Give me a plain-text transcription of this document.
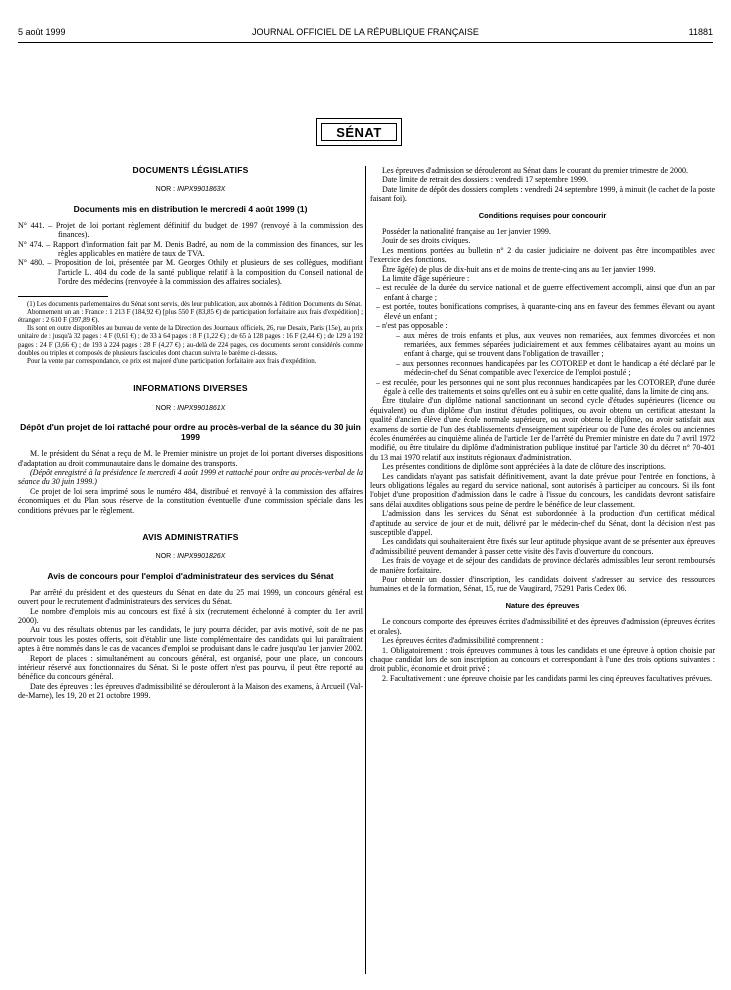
5 août 1999	JOURNAL OFFICIEL DE LA RÉPUBLIQUE FRANÇAISE	11881
SÉNAT
DOCUMENTS LÉGISLATIFS
NOR : INPX9901863X
Documents mis en distribution le mercredi 4 août 1999 (1)

N° 441. – Projet de loi portant règlement définitif du budget de 1997 (renvoyé à la commission des finances).

N° 474. – Rapport d'information fait par M. Denis Badré, au nom de la commission des finances, sur les règles applicables en matière de taux de TVA.

N° 480. – Proposition de loi, présentée par M. Georges Othily et plusieurs de ses collègues, modifiant l'article L. 404 du code de la santé publique relatif à la composition du Conseil national de l'ordre des médecins (renvoyée à la commission des affaires sociales).

(1) Les documents parlementaires du Sénat sont servis, dès leur publication, aux abonnés à l'édition Documents du Sénat.

Abonnement un an : France : 1 213 F (184,92 €) [plus 550 F (83,85 €) de participation forfaitaire aux frais d'expédition] ; étranger : 2 610 F (397,89 €).

Ils sont en outre disponibles au bureau de vente de la Direction des Journaux officiels, 26, rue Desaix, Paris (15e), au prix unitaire de : jusqu'à 32 pages : 4 F (0,61 €) ; de 33 à 64 pages : 8 F (1,22 €) ; de 65 à 128 pages : 16 F (2,44 €) ; de 129 à 192 pages : 24 F (3,66 €) ; de 193 à 224 pages : 28 F (4,27 €) ; au-delà de 224 pages, ces documents seront considérés comme doubles ou triples et composés de plusieurs fascicules dont chacun suivra le barème ci-dessus.

Pour la vente par correspondance, ce prix est majoré d'une participation forfaitaire aux frais d'expédition.

INFORMATIONS DIVERSES
NOR : INPX9901861X
Dépôt d'un projet de loi rattaché pour ordre au procès-verbal de la séance du 30 juin 1999

M. le président du Sénat a reçu de M. le Premier ministre un projet de loi portant diverses dispositions d'adaptation au droit communautaire dans le domaine des transports.

(Dépôt enregistré à la présidence le mercredi 4 août 1999 et rattaché pour ordre au procès-verbal de la séance du 30 juin 1999.)

Ce projet de loi sera imprimé sous le numéro 484, distribué et renvoyé à la commission des affaires économiques et du Plan sous réserve de la constitution éventuelle d'une commission spéciale dans les conditions prévues par le règlement.

AVIS ADMINISTRATIFS
NOR : INPX9901826X
Avis de concours pour l'emploi d'administrateur des services du Sénat

Par arrêté du président et des questeurs du Sénat en date du 25 mai 1999, un concours général est ouvert pour le recrutement d'administrateurs des services du Sénat.

Le nombre d'emplois mis au concours est fixé à six (recrutement échelonné à compter du 1er avril 2000).

Au vu des résultats obtenus par les candidats, le jury pourra décider, par avis motivé, soit de ne pas pourvoir tous les postes offerts, soit d'établir une liste complémentaire des candidats qui lui paraîtraient aptes à être nommés dans le cas de vacances d'emploi se produisant dans le cadre jusqu'au 1er janvier 2002.

Report de places : simultanément au concours général, est organisé, pour une place, un concours intérieur réservé aux fonctionnaires du Sénat. Si le poste offert n'est pas pourvu, il peut être reporté au bénéfice du concours général.

Date des épreuves : les épreuves d'admissibilité se dérouleront à la Maison des examens, à Arcueil (Val-de-Marne), les 19, 20 et 21 octobre 1999.

Les épreuves d'admission se dérouleront au Sénat dans le courant du premier trimestre de 2000.

Date limite de retrait des dossiers : vendredi 17 septembre 1999.

Date limite de dépôt des dossiers complets : vendredi 24 septembre 1999, à minuit (le cachet de la poste faisant foi).

Conditions requises pour concourir

Posséder la nationalité française au 1er janvier 1999.

Jouir de ses droits civiques.

Les mentions portées au bulletin n° 2 du casier judiciaire ne doivent pas être incompatibles avec l'exercice des fonctions.

Être âgé(e) de plus de dix-huit ans et de moins de trente-cinq ans au 1er janvier 1999.

La limite d'âge supérieure :

– est reculée de la durée du service national et de guerre effectivement accompli, ainsi que d'un an par enfant à charge ;

– est portée, toutes bonifications comprises, à quarante-cinq ans en faveur des femmes élevant ou ayant élevé un enfant ;

– n'est pas opposable :

– aux mères de trois enfants et plus, aux veuves non remariées, aux femmes divorcées et non remariées, aux femmes séparées judiciairement et aux femmes célibataires ayant au moins un enfant à charge, qui se trouvent dans l'obligation de travailler ;

– aux personnes reconnues handicapées par les COTOREP et dont le handicap a été déclaré par le médecin-chef du Sénat compatible avec l'exercice de l'emploi postulé ;

– est reculée, pour les personnes qui ne sont plus reconnues handicapées par les COTOREP, d'une durée égale à celle des traitements et soins qu'elles ont eu à subir en cette qualité, dans la limite de cinq ans.

Être titulaire d'un diplôme national sanctionnant un second cycle d'études supérieures (licence ou équivalent) ou d'un diplôme d'un institut d'études politiques, ou avoir obtenu un certificat attestant la qualité d'ancien élève d'une école normale supérieure, ou avoir obtenu le diplôme, ou avoir satisfait aux examens de sortie de l'un des établissements d'enseignement supérieur ou de l'une des écoles ou anciennes écoles énumérées au cinquième alinéa de l'article 1er de l'arrêté du Premier ministre en date du 7 avril 1972 modifié, ou être titulaire du diplôme d'administration publique institué par l'article 30 du décret n° 70-401 du 13 mai 1970 relatif aux instituts régionaux d'administration.

Les présentes conditions de diplôme sont appréciées à la date de clôture des inscriptions.

Les candidats n'ayant pas satisfait définitivement, avant la date prévue pour l'entrée en fonctions, à leurs obligations légales au regard du service national, sont autorisés à participer au concours. Si ils font l'objet d'une proposition d'admission dans le cadre à l'issue du concours, les candidats devront satisfaire sans délai auxdites obligations sous peine de perdre le bénéfice de leur classement.

L'admission dans les services du Sénat est subordonnée à la production d'un certificat médical d'aptitude au service de jour et de nuit, délivré par le médecin-chef du Sénat, dont la décision n'est pas susceptible d'appel.

Les candidats qui souhaiteraient être fixés sur leur aptitude physique avant de se présenter aux épreuves d'admissibilité peuvent demander à passer cette visite dès l'avis d'ouverture du concours.

Les frais de voyage et de séjour des candidats de province déclarés admissibles leur seront remboursés de manière forfaitaire.

Pour obtenir un dossier d'inscription, les candidats doivent s'adresser au service des ressources humaines et de la formation, Sénat, 15, rue de Vaugirard, 75291 Paris Cedex 06.

Nature des épreuves

Le concours comporte des épreuves écrites d'admissibilité et des épreuves d'admission (épreuves écrites et orales).

Les épreuves écrites d'admissibilité comprennent :

1. Obligatoirement : trois épreuves communes à tous les candidats et une épreuve à option choisie par chaque candidat lors de son inscription au concours et correspondant à l'une des trois options suivantes : droit public, économie et droit privé ;

2. Facultativement : une épreuve choisie par les candidats parmi les cinq épreuves facultatives prévues.
